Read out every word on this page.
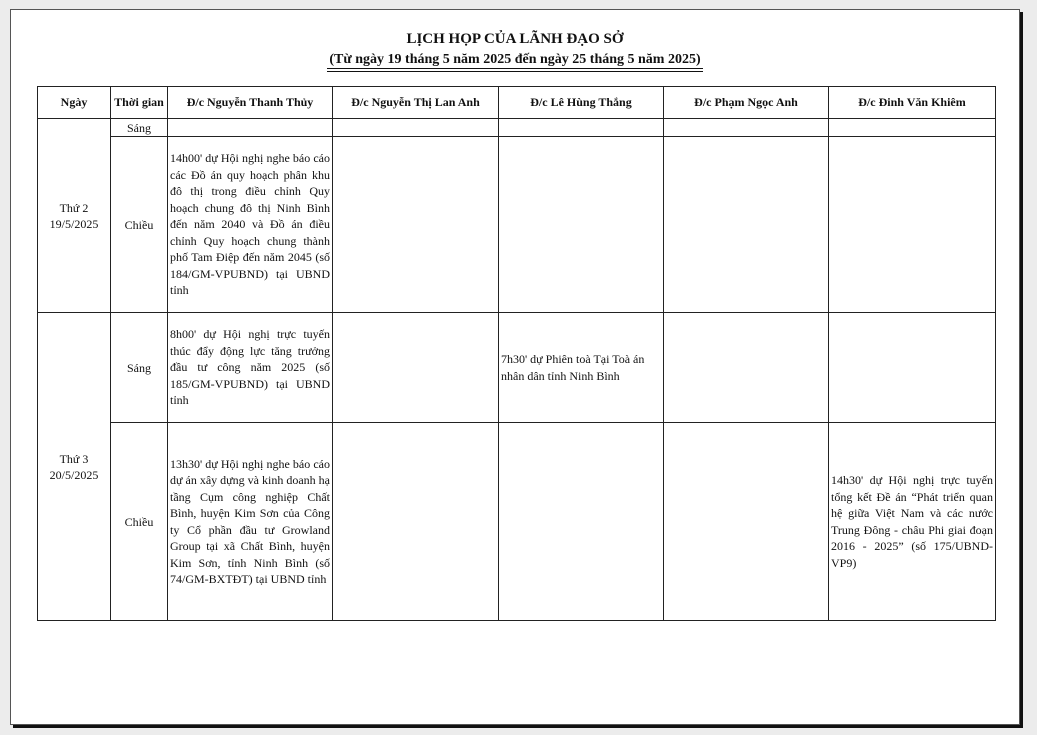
LỊCH HỌP CỦA LÃNH ĐẠO SỞ
(Từ ngày 19 tháng 5 năm 2025 đến ngày 25 tháng 5 năm 2025)
Ngày	Thời gian	Đ/c Nguyễn Thanh Thủy	Đ/c Nguyễn Thị Lan Anh	Đ/c Lê Hùng Thắng	Đ/c Phạm Ngọc Anh	Đ/c Đinh Văn Khiêm

Thứ 2
19/5/2025	Sáng					
	Chiều	14h00' dự Hội nghị nghe báo cáo các Đồ án quy hoạch phân khu đô thị trong điều chỉnh Quy hoạch chung đô thị Ninh Bình đến năm 2040 và Đồ án điều chỉnh Quy hoạch chung thành phố Tam Điệp đến năm 2045 (số 184/GM-VPUBND) tại UBND tỉnh				

Thứ 3
20/5/2025	Sáng	8h00' dự Hội nghị trực tuyến thúc đẩy động lực tăng trưởng đầu tư công năm 2025 (số 185/GM-VPUBND) tại UBND tỉnh		7h30' dự Phiên toà Tại Toà án nhân dân tỉnh Ninh Bình		
	Chiều	13h30' dự Hội nghị nghe báo cáo dự án xây dựng và kinh doanh hạ tầng Cụm công nghiệp Chất Bình, huyện Kim Sơn của Công ty Cổ phần đầu tư Growland Group tại xã Chất Bình, huyện Kim Sơn, tỉnh Ninh Bình (số 74/GM-BXTĐT) tại UBND tỉnh				14h30' dự Hội nghị trực tuyến tổng kết Đề án “Phát triển quan hệ giữa Việt Nam và các nước Trung Đông - châu Phi giai đoạn 2016 - 2025” (số 175/UBND-VP9)
